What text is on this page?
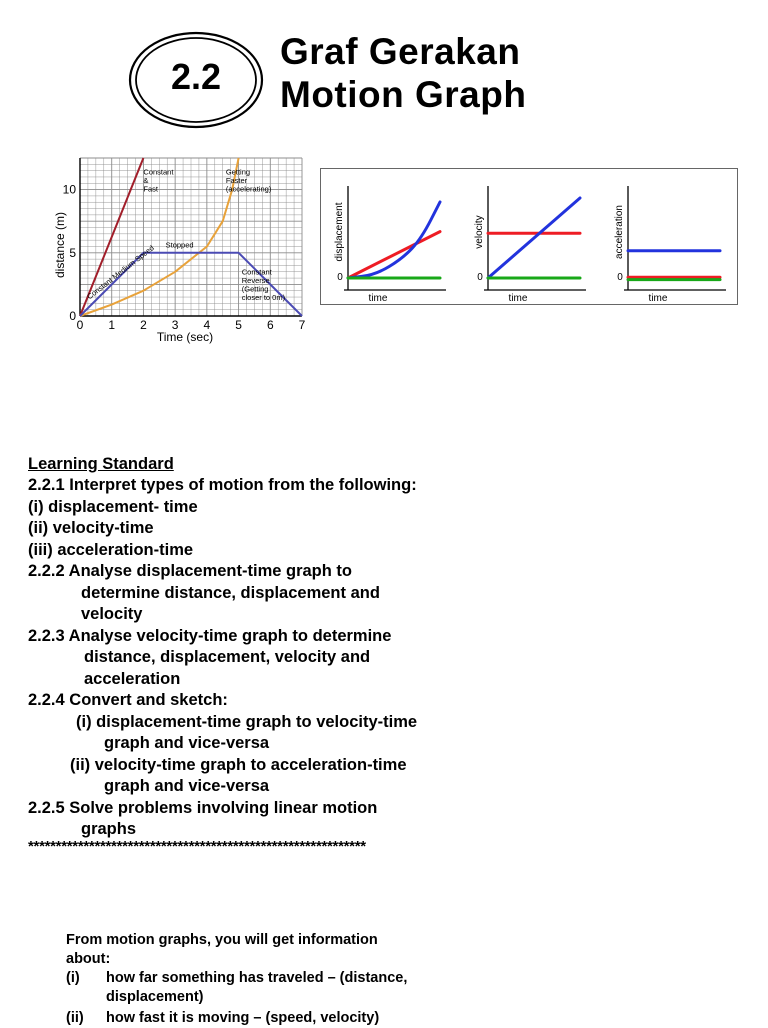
2.2
Graf Gerakan
Motion Graph
0 1 2 3 4 5 6 7
0
5
10
Time (sec)
distance (m)
Constant
&
Fast
Getting
Faster
(accelerating)
Constant Medium Speed Stopped
Constant
Reverse
(Getting
closer to 0m)
displacement
0
time
velocity
0
time
acceleration
0
time
Learning Standard
2.2.1 Interpret types of motion from the following:
(i) displacement- time
(ii) velocity-time
(iii) acceleration-time
2.2.2 Analyse displacement-time graph to
determine distance, displacement and
velocity
2.2.3 Analyse velocity-time graph to determine
distance, displacement, velocity and
acceleration
2.2.4 Convert and sketch:
(i) displacement-time graph to velocity-time
graph and vice-versa
(ii) velocity-time graph to acceleration-time
graph and vice-versa
2.2.5 Solve problems involving linear motion
graphs
*************************************************************
From motion graphs, you will get information
about:
(i) how far something has traveled – (distance,
displacement)
(ii) how fast it is moving – (speed, velocity)
